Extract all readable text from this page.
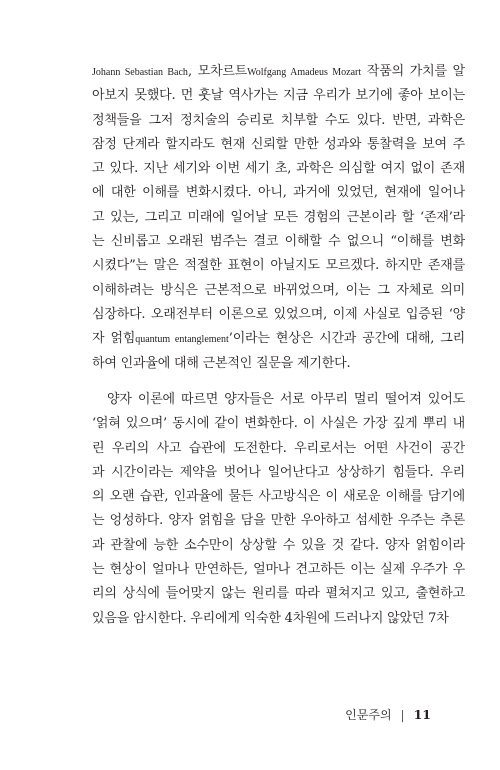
Johann Sebastian Bach, 모차르트Wolfgang Amadeus Mozart 작품의 가치를 알
아보지 못했다. 먼 훗날 역사가는 지금 우리가 보기에 좋아 보이는
정책들을 그저 정치술의 승리로 치부할 수도 있다. 반면, 과학은
잠정 단계라 할지라도 현재 신뢰할 만한 성과와 통찰력을 보여 주
고 있다. 지난 세기와 이번 세기 초, 과학은 의심할 여지 없이 존재
에 대한 이해를 변화시켰다. 아니, 과거에 있었던, 현재에 일어나
고 있는, 그리고 미래에 일어날 모든 경험의 근본이라 할 ‘존재’라
는 신비롭고 오래된 범주는 결코 이해할 수 없으니 “이해를 변화
시켰다”는 말은 적절한 표현이 아닐지도 모르겠다. 하지만 존재를
이해하려는 방식은 근본적으로 바뀌었으며, 이는 그 자체로 의미
심장하다. 오래전부터 이론으로 있었으며, 이제 사실로 입증된 ‘양
자 얽힘quantum entanglement’이라는 현상은 시간과 공간에 대해, 그리
하여 인과율에 대해 근본적인 질문을 제기한다.
양자 이론에 따르면 양자들은 서로 아무리 멀리 떨어져 있어도
‘얽혀 있으며’ 동시에 같이 변화한다. 이 사실은 가장 깊게 뿌리 내
린 우리의 사고 습관에 도전한다. 우리로서는 어떤 사건이 공간
과 시간이라는 제약을 벗어나 일어난다고 상상하기 힘들다. 우리
의 오랜 습관, 인과율에 물든 사고방식은 이 새로운 이해를 담기에
는 엉성하다. 양자 얽힘을 담을 만한 우아하고 섬세한 우주는 추론
과 관찰에 능한 소수만이 상상할 수 있을 것 같다. 양자 얽힘이라
는 현상이 얼마나 만연하든, 얼마나 견고하든 이는 실제 우주가 우
리의 상식에 들어맞지 않는 원리를 따라 펼쳐지고 있고, 출현하고
있음을 암시한다. 우리에게 익숙한 4차원에 드러나지 않았던 7차
인문주의 | 11
